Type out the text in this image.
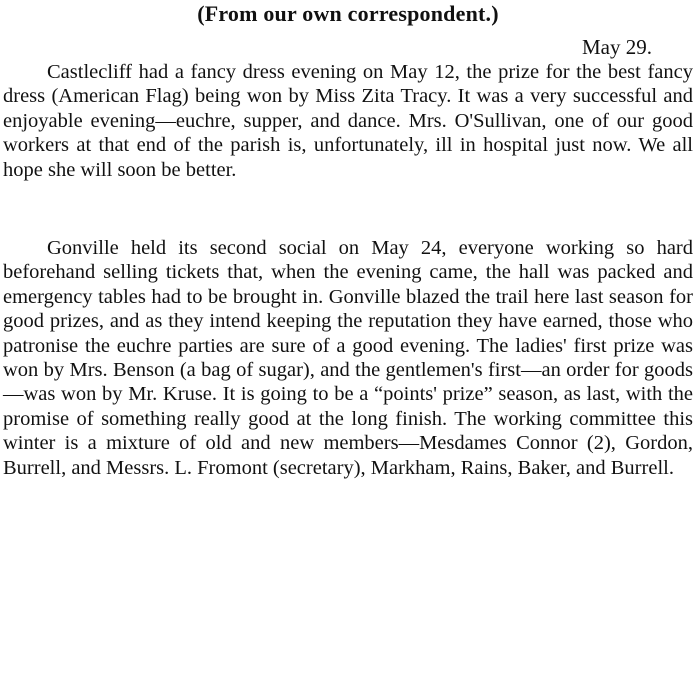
(From our own correspondent.)
May 29.

Castlecliff had a fancy dress evening on May 12, the prize for the best fancy dress (American Flag) being won by Miss Zita Tracy. It was a very successful and enjoyable evening—euchre, supper, and dance. Mrs. O'Sullivan, one of our good workers at that end of the parish is, unfortunately, ill in hospital just now. We all hope she will soon be better.

Gonville held its second social on May 24, everyone working so hard beforehand selling tickets that, when the evening came, the hall was packed and emergency tables had to be brought in. Gonville blazed the trail here last season for good prizes, and as they intend keeping the reputation they have earned, those who patronise the euchre parties are sure of a good evening. The ladies' first prize was won by Mrs. Benson (a bag of sugar), and the gentlemen's first—an order for goods—was won by Mr. Kruse. It is going to be a “points' prize” season, as last, with the promise of something really good at the long finish. The working committee this winter is a mixture of old and new members—Mesdames Connor (2), Gordon, Burrell, and Messrs. L. Fromont (secretary), Markham, Rains, Baker, and Burrell.
